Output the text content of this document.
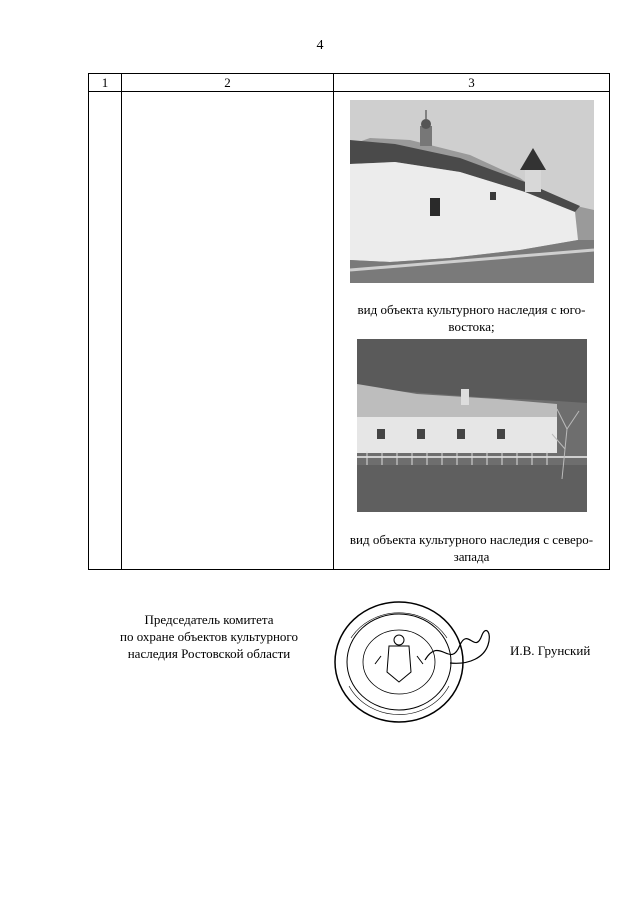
4
1	2	3

		вид объекта культурного наследия с юго-востока;
вид объекта культурного наследия с северо-запада
Председатель комитета
по охране объектов культурного
наследия Ростовской области	И.В. Грунский
